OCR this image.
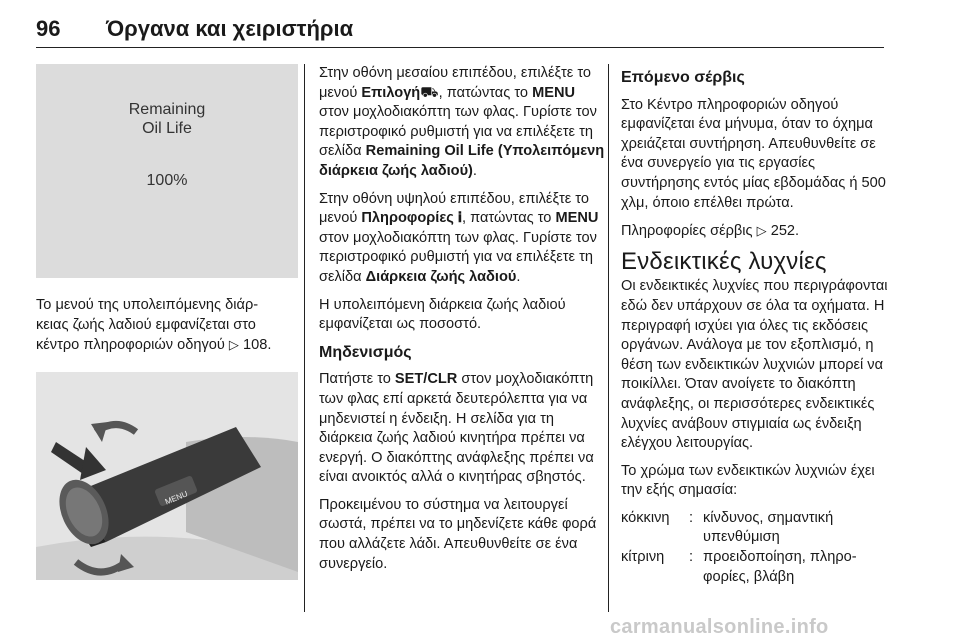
96 Όργανα και χειριστήρια
Remaining
Oil Life
100%
Το μενού της υπολειπόμενης διάρ-
κειας ζωής λαδιού εμφανίζεται στο
κέντρο πληροφοριών οδηγού ▷ 108.
MENU

Στην οθόνη μεσαίου επιπέδου, επιλέξτε το μενού Επιλογή⛟, πατώντας το MENU στον μοχλοδιακόπτη των φλας. Γυρίστε τον περιστροφικό ρυθμιστή για να επιλέξετε τη σελίδα Remaining Oil Life (Υπολειπόμενη διάρκεια ζωής λαδιού).

Στην οθόνη υψηλού επιπέδου, επιλέξτε το μενού Πληροφορίες 𝐢, πατώντας το MENU στον μοχλοδιακόπτη των φλας. Γυρίστε τον περιστροφικό ρυθμιστή για να επιλέξετε τη σελίδα Διάρκεια ζωής λαδιού.

Η υπολειπόμενη διάρκεια ζωής λαδιού εμφανίζεται ως ποσοστό.

Μηδενισμός

Πατήστε το SET/CLR στον μοχλοδιακόπτη των φλας επί αρκετά δευτερόλεπτα για να μηδενιστεί η ένδειξη. Η σελίδα για τη διάρκεια ζωής λαδιού κινητήρα πρέπει να ενεργή. Ο διακόπτης ανάφλεξης πρέπει να είναι ανοικτός αλλά ο κινητήρας σβηστός.

Προκειμένου το σύστημα να λειτουργεί σωστά, πρέπει να το μηδενίζετε κάθε φορά που αλλάζετε λάδι. Απευθυνθείτε σε ένα συνεργείο.

Επόμενο σέρβις

Στο Κέντρο πληροφοριών οδηγού εμφανίζεται ένα μήνυμα, όταν το όχημα χρειάζεται συντήρηση. Απευθυνθείτε σε ένα συνεργείο για τις εργασίες συντήρησης εντός μίας εβδομάδας ή 500 χλμ, όποιο επέλθει πρώτα.

Πληροφορίες σέρβις ▷ 252.

Ενδεικτικές λυχνίες

Οι ενδεικτικές λυχνίες που περιγράφονται εδώ δεν υπάρχουν σε όλα τα οχήματα. Η περιγραφή ισχύει για όλες τις εκδόσεις οργάνων. Ανάλογα με τον εξοπλισμό, η θέση των ενδεικτικών λυχνιών μπορεί να ποικίλλει. Όταν ανοίγετε το διακόπτη ανάφλεξης, οι περισσότερες ενδεικτικές λυχνίες ανάβουν στιγμιαία ως ένδειξη ελέγχου λειτουργίας.

Το χρώμα των ενδεικτικών λυχνιών έχει την εξής σημασία:

κόκκινη	: κίνδυνος, σημαντική υπενθύμιση
κίτρινη	: προειδοποίηση, πληροφορίες, βλάβη
carmanualsonline.info
